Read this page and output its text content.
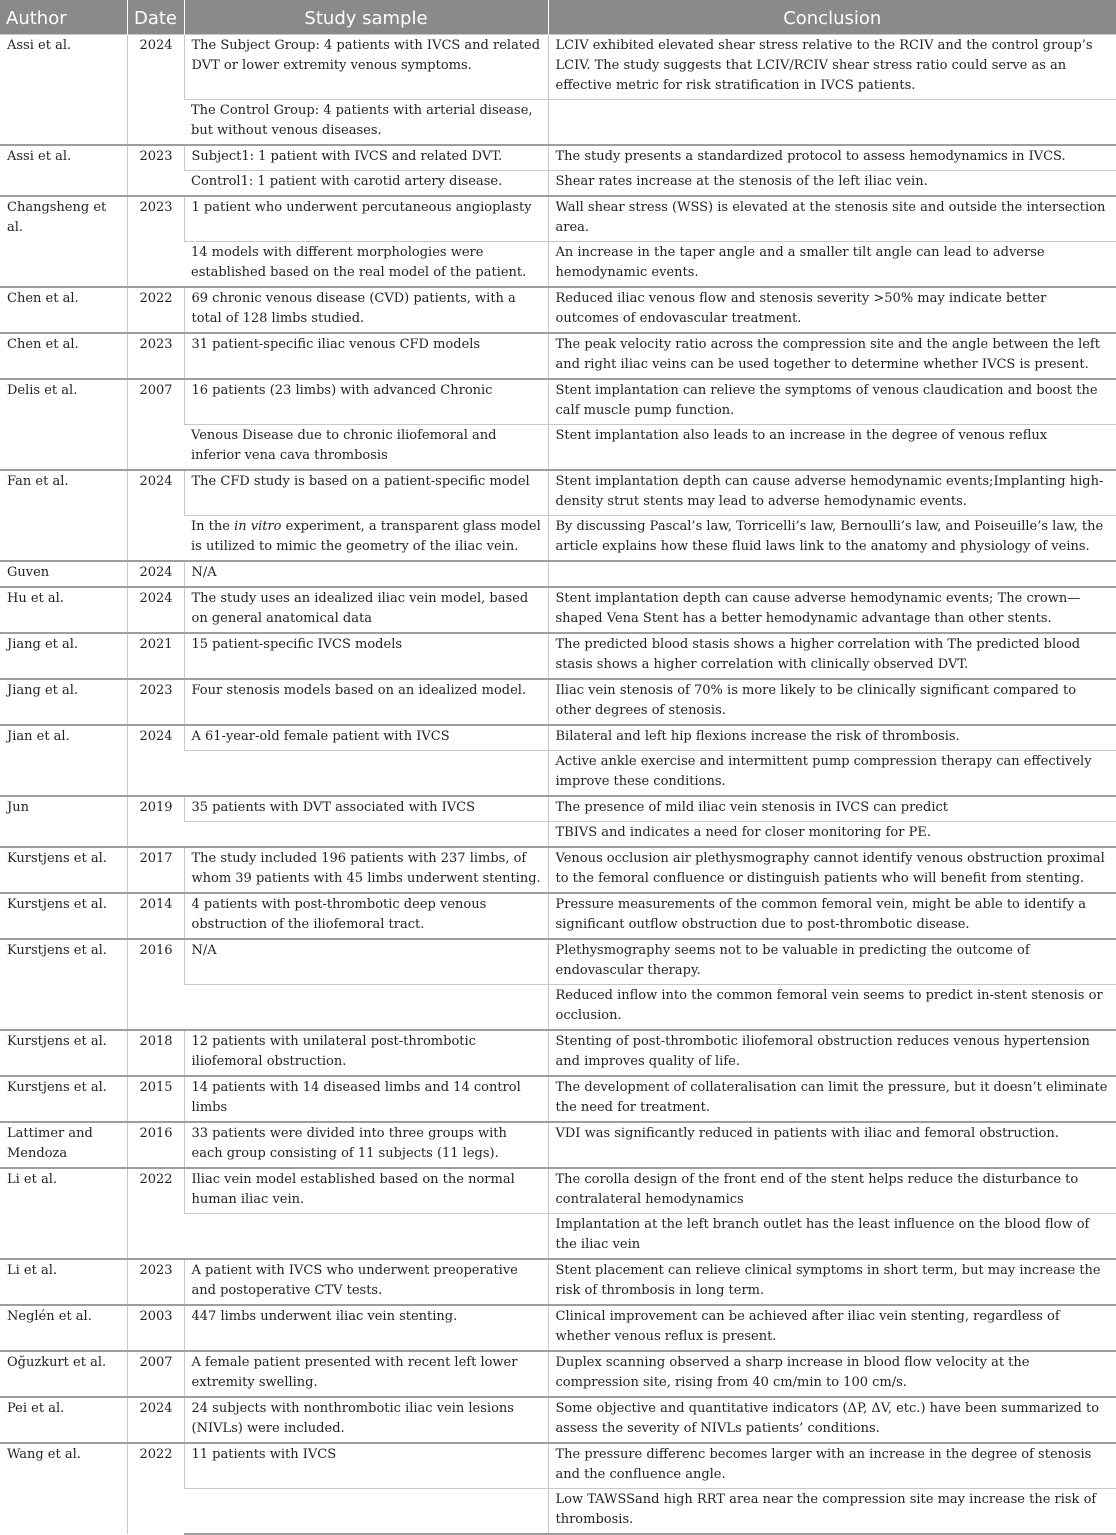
Author	Date	Study sample	Conclusion
Assi et al.	2024	The Subject Group: 4 patients with IVCS and related DVT or lower extremity venous symptoms.	LCIV exhibited elevated shear stress relative to the RCIV and the control group’s LCIV. The study suggests that LCIV/RCIV shear stress ratio could serve as an effective metric for risk stratification in IVCS patients.
		The Control Group: 4 patients with arterial disease, but without venous diseases.	
Assi et al.	2023	Subject1: 1 patient with IVCS and related DVT.	The study presents a standardized protocol to assess hemodynamics in IVCS.
		Control1: 1 patient with carotid artery disease.	Shear rates increase at the stenosis of the left iliac vein.
Changsheng et al.	2023	1 patient who underwent percutaneous angioplasty	Wall shear stress (WSS) is elevated at the stenosis site and outside the intersection area.
		14 models with different morphologies were established based on the real model of the patient.	An increase in the taper angle and a smaller tilt angle can lead to adverse hemodynamic events.
Chen et al.	2022	69 chronic venous disease (CVD) patients, with a total of 128 limbs studied.	Reduced iliac venous flow and stenosis severity >50% may indicate better outcomes of endovascular treatment.
Chen et al.	2023	31 patient-specific iliac venous CFD models	The peak velocity ratio across the compression site and the angle between the left and right iliac veins can be used together to determine whether IVCS is present.
Delis et al.	2007	16 patients (23 limbs) with advanced Chronic	Stent implantation can relieve the symptoms of venous claudication and boost the calf muscle pump function.
		Venous Disease due to chronic iliofemoral and inferior vena cava thrombosis	Stent implantation also leads to an increase in the degree of venous reflux
Fan et al.	2024	The CFD study is based on a patient-specific model	Stent implantation depth can cause adverse hemodynamic events;Implanting high-density strut stents may lead to adverse hemodynamic events.
		In the in vitro experiment, a transparent glass model is utilized to mimic the geometry of the iliac vein.	By discussing Pascal’s law, Torricelli’s law, Bernoulli’s law, and Poiseuille’s law, the article explains how these fluid laws link to the anatomy and physiology of veins.
Guven	2024	N/A	
Hu et al.	2024	The study uses an idealized iliac vein model, based on general anatomical data	Stent implantation depth can cause adverse hemodynamic events; The crown—shaped Vena Stent has a better hemodynamic advantage than other stents.
Jiang et al.	2021	15 patient-specific IVCS models	The predicted blood stasis shows a higher correlation with The predicted blood stasis shows a higher correlation with clinically observed DVT.
Jiang et al.	2023	Four stenosis models based on an idealized model.	Iliac vein stenosis of 70% is more likely to be clinically significant compared to other degrees of stenosis.
Jian et al.	2024	A 61-year-old female patient with IVCS	Bilateral and left hip flexions increase the risk of thrombosis.
			Active ankle exercise and intermittent pump compression therapy can effectively improve these conditions.
Jun	2019	35 patients with DVT associated with IVCS	The presence of mild iliac vein stenosis in IVCS can predict
			TBIVS and indicates a need for closer monitoring for PE.
Kurstjens et al.	2017	The study included 196 patients with 237 limbs, of whom 39 patients with 45 limbs underwent stenting.	Venous occlusion air plethysmography cannot identify venous obstruction proximal to the femoral confluence or distinguish patients who will benefit from stenting.
Kurstjens et al.	2014	4 patients with post-thrombotic deep venous obstruction of the iliofemoral tract.	Pressure measurements of the common femoral vein, might be able to identify a significant outflow obstruction due to post-thrombotic disease.
Kurstjens et al.	2016	N/A	Plethysmography seems not to be valuable in predicting the outcome of endovascular therapy.
			Reduced inflow into the common femoral vein seems to predict in-stent stenosis or occlusion.
Kurstjens et al.	2018	12 patients with unilateral post-thrombotic iliofemoral obstruction.	Stenting of post-thrombotic iliofemoral obstruction reduces venous hypertension and improves quality of life.
Kurstjens et al.	2015	14 patients with 14 diseased limbs and 14 control limbs	The development of collateralisation can limit the pressure, but it doesn’t eliminate the need for treatment.
Lattimer and Mendoza	2016	33 patients were divided into three groups with each group consisting of 11 subjects (11 legs).	VDI was significantly reduced in patients with iliac and femoral obstruction.
Li et al.	2022	Iliac vein model established based on the normal human iliac vein.	The corolla design of the front end of the stent helps reduce the disturbance to contralateral hemodynamics
			Implantation at the left branch outlet has the least influence on the blood flow of the iliac vein
Li et al.	2023	A patient with IVCS who underwent preoperative and postoperative CTV tests.	Stent placement can relieve clinical symptoms in short term, but may increase the risk of thrombosis in long term.
Neglén et al.	2003	447 limbs underwent iliac vein stenting.	Clinical improvement can be achieved after iliac vein stenting, regardless of whether venous reflux is present.
Oğuzkurt et al.	2007	A female patient presented with recent left lower extremity swelling.	Duplex scanning observed a sharp increase in blood flow velocity at the compression site, rising from 40 cm/min to 100 cm/s.
Pei et al.	2024	24 subjects with nonthrombotic iliac vein lesions (NIVLs) were included.	Some objective and quantitative indicators (ΔP, ΔV, etc.) have been summarized to assess the severity of NIVLs patients’ conditions.
Wang et al.	2022	11 patients with IVCS	The pressure differenc becomes larger with an increase in the degree of stenosis and the confluence angle.
			Low TAWSSand high RRT area near the compression site may increase the risk of thrombosis.
